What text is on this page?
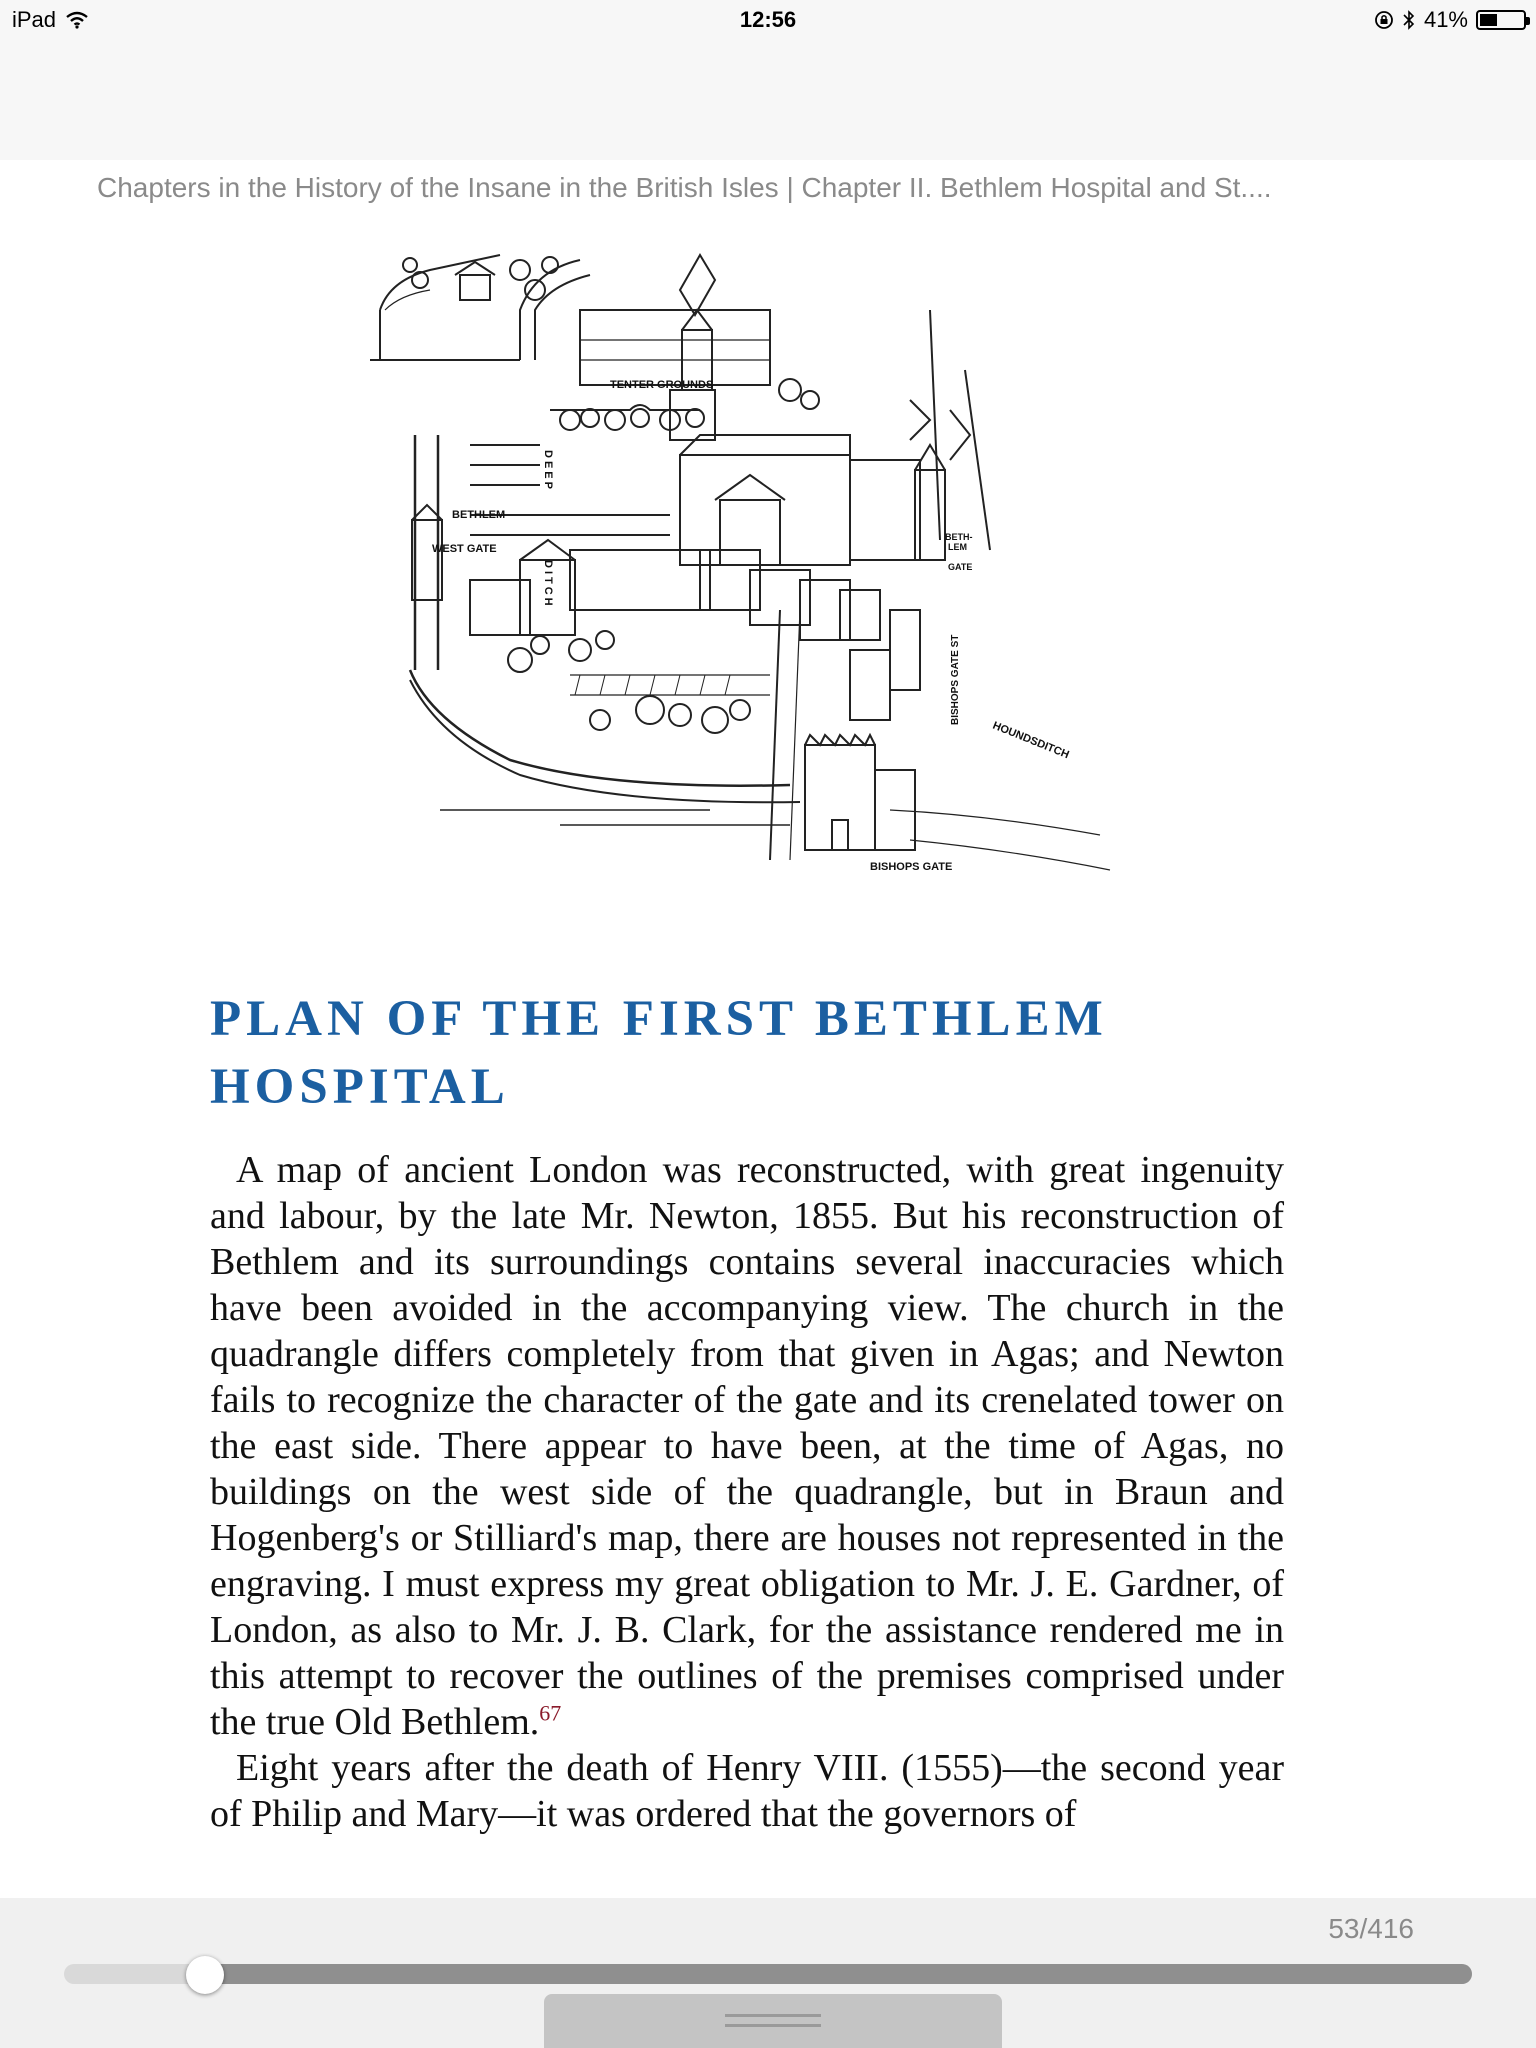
iPad	12:56	41%
Chapters in the History of the Insane in the British Isles | Chapter II. Bethlem Hospital and St....
TENTER GROUNDS
BETHLEM
WEST GATE
DEEP
DITCH
BETH-
LEM
GATE
BISHOPS GATE ST
HOUNDSDITCH
BISHOPS GATE
PLAN OF THE FIRST BETHLEM HOSPITAL

A map of ancient London was reconstructed, with great ingenuity and labour, by the late Mr. Newton, 1855. But his reconstruction of Bethlem and its surroundings contains several inaccuracies which have been avoided in the accompanying view. The church in the quadrangle differs completely from that given in Agas; and Newton fails to recognize the character of the gate and its crenelated tower on the east side. There appear to have been, at the time of Agas, no buildings on the west side of the quadrangle, but in Braun and Hogenberg's or Stilliard's map, there are houses not represented in the engraving. I must express my great obligation to Mr. J. E. Gardner, of London, as also to Mr. J. B. Clark, for the assistance rendered me in this attempt to recover the outlines of the premises comprised under the true Old Bethlem.$^{67}$

Eight years after the death of Henry VIII. (1555)—the second year of Philip and Mary—it was ordered that the governors of

53/416
